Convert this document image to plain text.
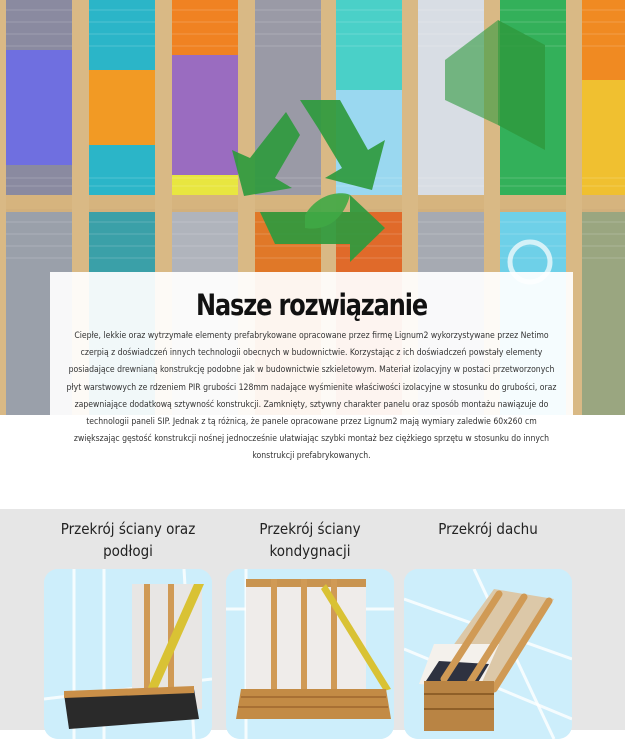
Nasze rozwiązanie

Ciepłe, lekkie oraz wytrzymałe elementy prefabrykowane opracowane przez firmę Lignum2 wykorzystywane przez Netimo czerpią z doświadczeń innych technologii obecnych w budownictwie. Korzystając z ich doświadczeń powstały elementy posiadające drewnianą konstrukcję podobne jak w budownictwie szkieletowym. Materiał izolacyjny w postaci przetworzonych płyt warstwowych ze rdzeniem PIR grubości 128mm nadające wyśmienite właściwości izolacyjne w stosunku do grubości, oraz zapewniające dodatkową sztywność konstrukcji. Zamknięty, sztywny charakter panelu oraz sposób montażu nawiązuje do technologii paneli SIP. Jednak z tą różnicą, że panele opracowane przez Lignum2 mają wymiary zaledwie 60x260 cm zwiększając gęstość konstrukcji nośnej jednocześnie ułatwiając szybki montaż bez ciężkiego sprzętu w stosunku do innych konstrukcji prefabrykowanych.

Przekrój ściany oraz podłogi
Przekrój ściany kondygnacji
Przekrój dachu
